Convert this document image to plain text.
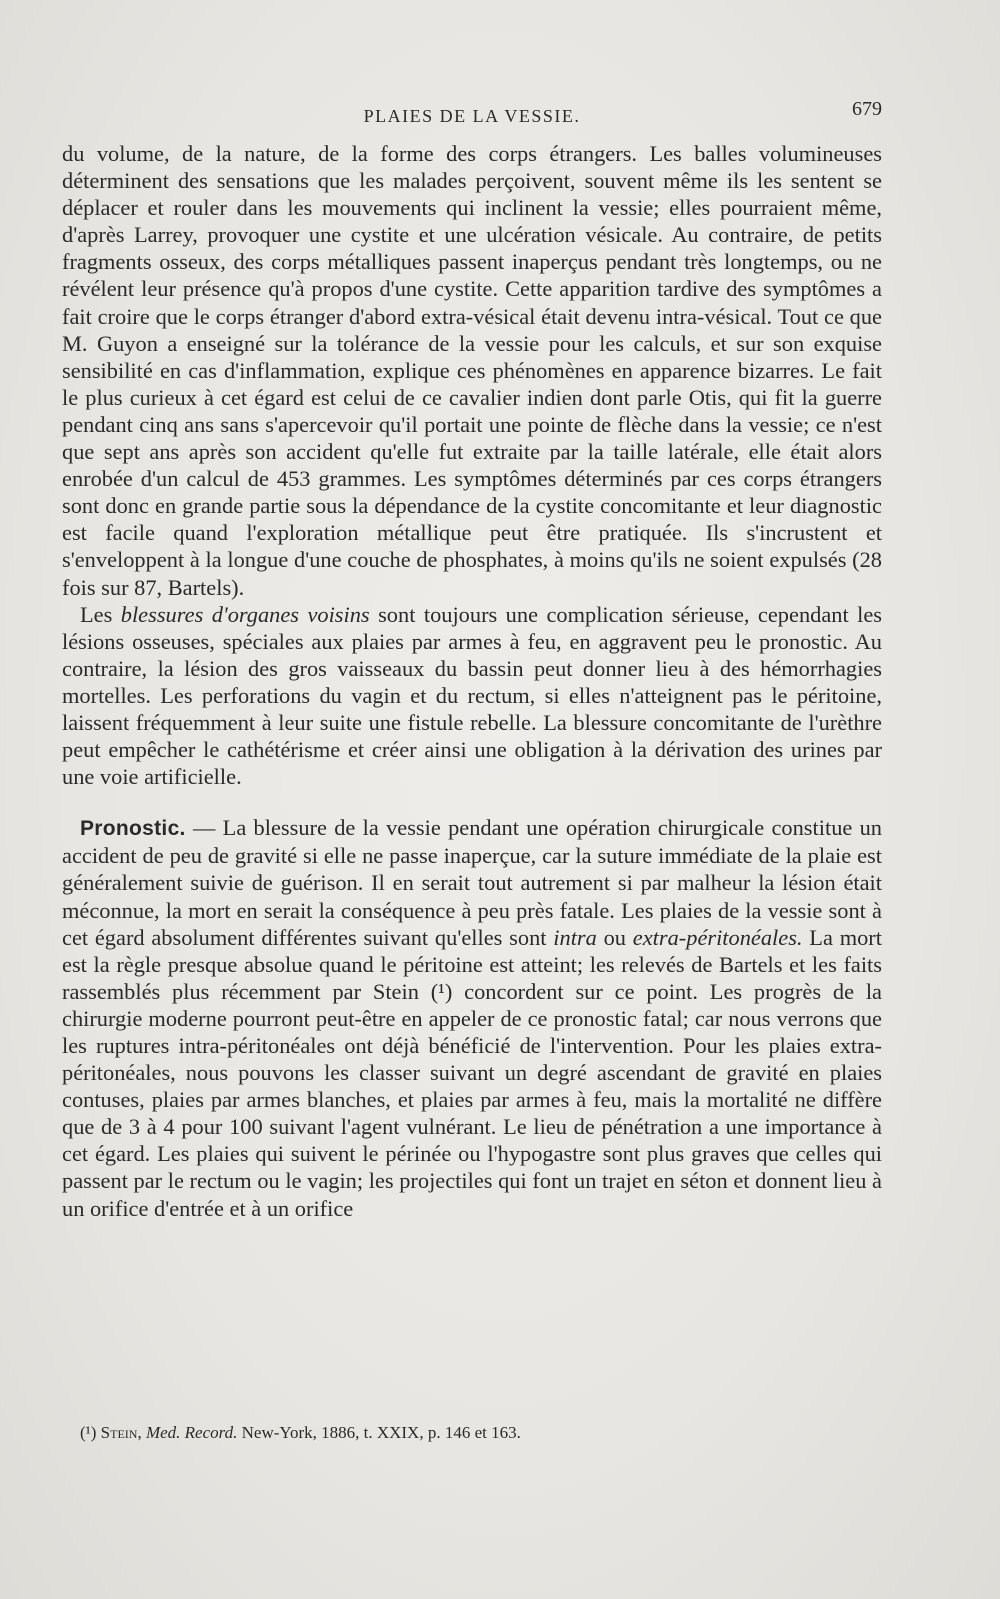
PLAIES DE LA VESSIE.	679

du volume, de la nature, de la forme des corps étrangers. Les balles volumineuses déterminent des sensations que les malades perçoivent, souvent même ils les sentent se déplacer et rouler dans les mouvements qui inclinent la vessie; elles pourraient même, d'après Larrey, provoquer une cystite et une ulcération vésicale. Au contraire, de petits fragments osseux, des corps métalliques passent inaperçus pendant très longtemps, ou ne révélent leur présence qu'à propos d'une cystite. Cette apparition tardive des symptômes a fait croire que le corps étranger d'abord extra-vésical était devenu intra-vésical. Tout ce que M. Guyon a enseigné sur la tolérance de la vessie pour les calculs, et sur son exquise sensibilité en cas d'inflammation, explique ces phénomènes en apparence bizarres. Le fait le plus curieux à cet égard est celui de ce cavalier indien dont parle Otis, qui fit la guerre pendant cinq ans sans s'apercevoir qu'il portait une pointe de flèche dans la vessie; ce n'est que sept ans après son accident qu'elle fut extraite par la taille latérale, elle était alors enrobée d'un calcul de 453 grammes. Les symptômes déterminés par ces corps étrangers sont donc en grande partie sous la dépendance de la cystite concomitante et leur diagnostic est facile quand l'exploration métallique peut être pratiquée. Ils s'incrustent et s'enveloppent à la longue d'une couche de phosphates, à moins qu'ils ne soient expulsés (28 fois sur 87, Bartels).

Les blessures d'organes voisins sont toujours une complication sérieuse, cependant les lésions osseuses, spéciales aux plaies par armes à feu, en aggravent peu le pronostic. Au contraire, la lésion des gros vaisseaux du bassin peut donner lieu à des hémorrhagies mortelles. Les perforations du vagin et du rectum, si elles n'atteignent pas le péritoine, laissent fréquemment à leur suite une fistule rebelle. La blessure concomitante de l'urèthre peut empêcher le cathétérisme et créer ainsi une obligation à la dérivation des urines par une voie artificielle.

Pronostic. — La blessure de la vessie pendant une opération chirurgicale constitue un accident de peu de gravité si elle ne passe inaperçue, car la suture immédiate de la plaie est généralement suivie de guérison. Il en serait tout autrement si par malheur la lésion était méconnue, la mort en serait la conséquence à peu près fatale. Les plaies de la vessie sont à cet égard absolument différentes suivant qu'elles sont intra ou extra-péritonéales. La mort est la règle presque absolue quand le péritoine est atteint; les relevés de Bartels et les faits rassemblés plus récemment par Stein (¹) concordent sur ce point. Les progrès de la chirurgie moderne pourront peut-être en appeler de ce pronostic fatal; car nous verrons que les ruptures intra-péritonéales ont déjà bénéficié de l'intervention. Pour les plaies extra-péritonéales, nous pouvons les classer suivant un degré ascendant de gravité en plaies contuses, plaies par armes blanches, et plaies par armes à feu, mais la mortalité ne diffère que de 3 à 4 pour 100 suivant l'agent vulnérant. Le lieu de pénétration a une importance à cet égard. Les plaies qui suivent le périnée ou l'hypogastre sont plus graves que celles qui passent par le rectum ou le vagin; les projectiles qui font un trajet en séton et donnent lieu à un orifice d'entrée et à un orifice

(¹) Stein, Med. Record. New-York, 1886, t. XXIX, p. 146 et 163.
